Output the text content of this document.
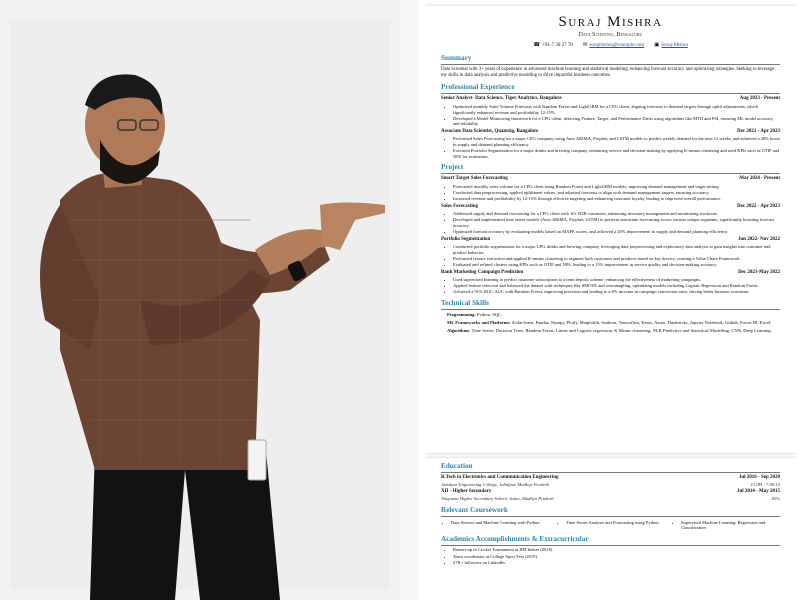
Suraj Mishra
Data Scientist, Bengaluru
☎ +91-7 30 27 70 ✉ surajmishra@example.com ▣ Suraj-Mishra
Summary
Data Scientist with 3+ years of experience in advanced machine learning and statistical modeling, enhancing forecast accuracy and optimizing strategies. Seeking to leverage my skills in data analysis and predictive modeling to drive impactful business outcomes.
Professional Experience
Senior Analyst- Data Science, Tiger Analytics, Bangalore	Aug 2023 - Present
• Optimized monthly Sales Volume Forecasts with Random Forest and LightGBM for a CPG client, aligning forecasts to demand targets through uplift adjustments, which significantly enhanced revenue and profitability 12-15%.
• Developed a Model Monitoring framework for a CPG client, detecting Feature, Target, and Performance Drifts using algorithms like MTD and PSI, ensuring ML model accuracy and reliability.
Associate Data Scientist, Quantzig, Bangalore	Dec 2021 - Apr 2023
• Performed Sales Forecasting for a major CPG company, using Auto ARIMA, Prophet, and LSTM models to predict weekly demand for the next 12 weeks, and achieved a 20% boost in supply and demand planning efficiency.
• Executed Portfolio Segmentation for a major drinks and brewing company, enhancing service and decision-making by applying K-means clustering and used KPIs such as OTIF and NPS for evaluation.
Project
Smart Target Sales Forecasting	Mar 2024 - Present
• Forecasted monthly sales volume for a CPG client using Random Forest and LightGBM models, improving demand management and target setting.
• Conducted data preprocessing, applied upliftment values, and adjusted forecasts to align with demand management targets, ensuring accuracy.
• Increased revenue and profitability by 12-15% through effective targeting and enhancing customer loyalty, leading to improved overall performance.
Sales Forecasting	Dec 2022 - Apr 2023
• Addressed supply and demand forecasting for a CPG client with 10+ B2B customers, enhancing inventory management and minimizing stockouts.
• Developed and implemented time series models (Auto ARIMA, Prophet, LSTM) to perform univariate forecasting across various unique segments, significantly boosting forecast accuracy.
• Optimized forecast accuracy by evaluating models based on MAPE scores, and achieved a 20% improvement in supply and demand planning efficiency.
Portfolio Segmentation	Jun 2022- Nov 2022
• Conducted portfolio segmentation for a major CPG drinks and brewing company, leveraging data preprocessing and exploratory data analysis to gain insights into customer and product behavior.
• Performed feature extraction and applied K-means clustering to segment both customers and products based on key drivers, creating a Value Chain Framework.
• Evaluated and refined clusters using KPIs such as OTIF and NPS, leading to a 15% improvement in service quality and decision-making accuracy.
Bank Marketing Campaign Prediction	Dec 2021-May 2022
• Used supervised learning to predict customer subscription to a term deposit scheme, enhancing the effectiveness of marketing campaigns.
• Applied feature selection and balanced the dataset with techniques like SMOTE and oversampling, optimizing models including Logistic Regression and Random Forest.
• Achieved a 91% ROC-AUC with Random Forest, improving precision and leading to a 8% increase in campaign conversion rates, driving better business outcomes.
Technical Skills
Programming: Python, SQL.
ML Frameworks and Platforms: Scikit-learn, Pandas, Numpy, Plotly, Matplotlib, Seaborn, Tensorflow, Keras, Azure, Databricks, Jupyter Notebook, Github, Power BI, Excel.
Algorithms: Time Series, Decision Trees, Random Forest, Linear and Logistic regression, K Means clustering, NLP, Predictive and Statistical Modelling, CNN, Deep Learning.
Education
B.Tech in Electronics and Communication Engineering	Jul 2016 - Sep 2020
Jabalpur Engineering College, Jabalpur, Madhya Pradesh	CGPA : 7.86/10
XII - Higher Secondary	Jul 2014 - May 2015
Anupama Higher Secondary School, Satna, Madhya Pradesh	82%
Relevant Coursework
• Data Science and Machine Learning with Python	• Time Series Analysis and Forecasting using Python	• Supervised Machine Learning: Regression and Classification
Academics Accomplishments & Extracurricular
• Runner-up in Cricket Tournament at IIM Indore (2018)
• Team coordinator at College Sport Fest (2019)
• 27K+ followers on LinkedIn.
